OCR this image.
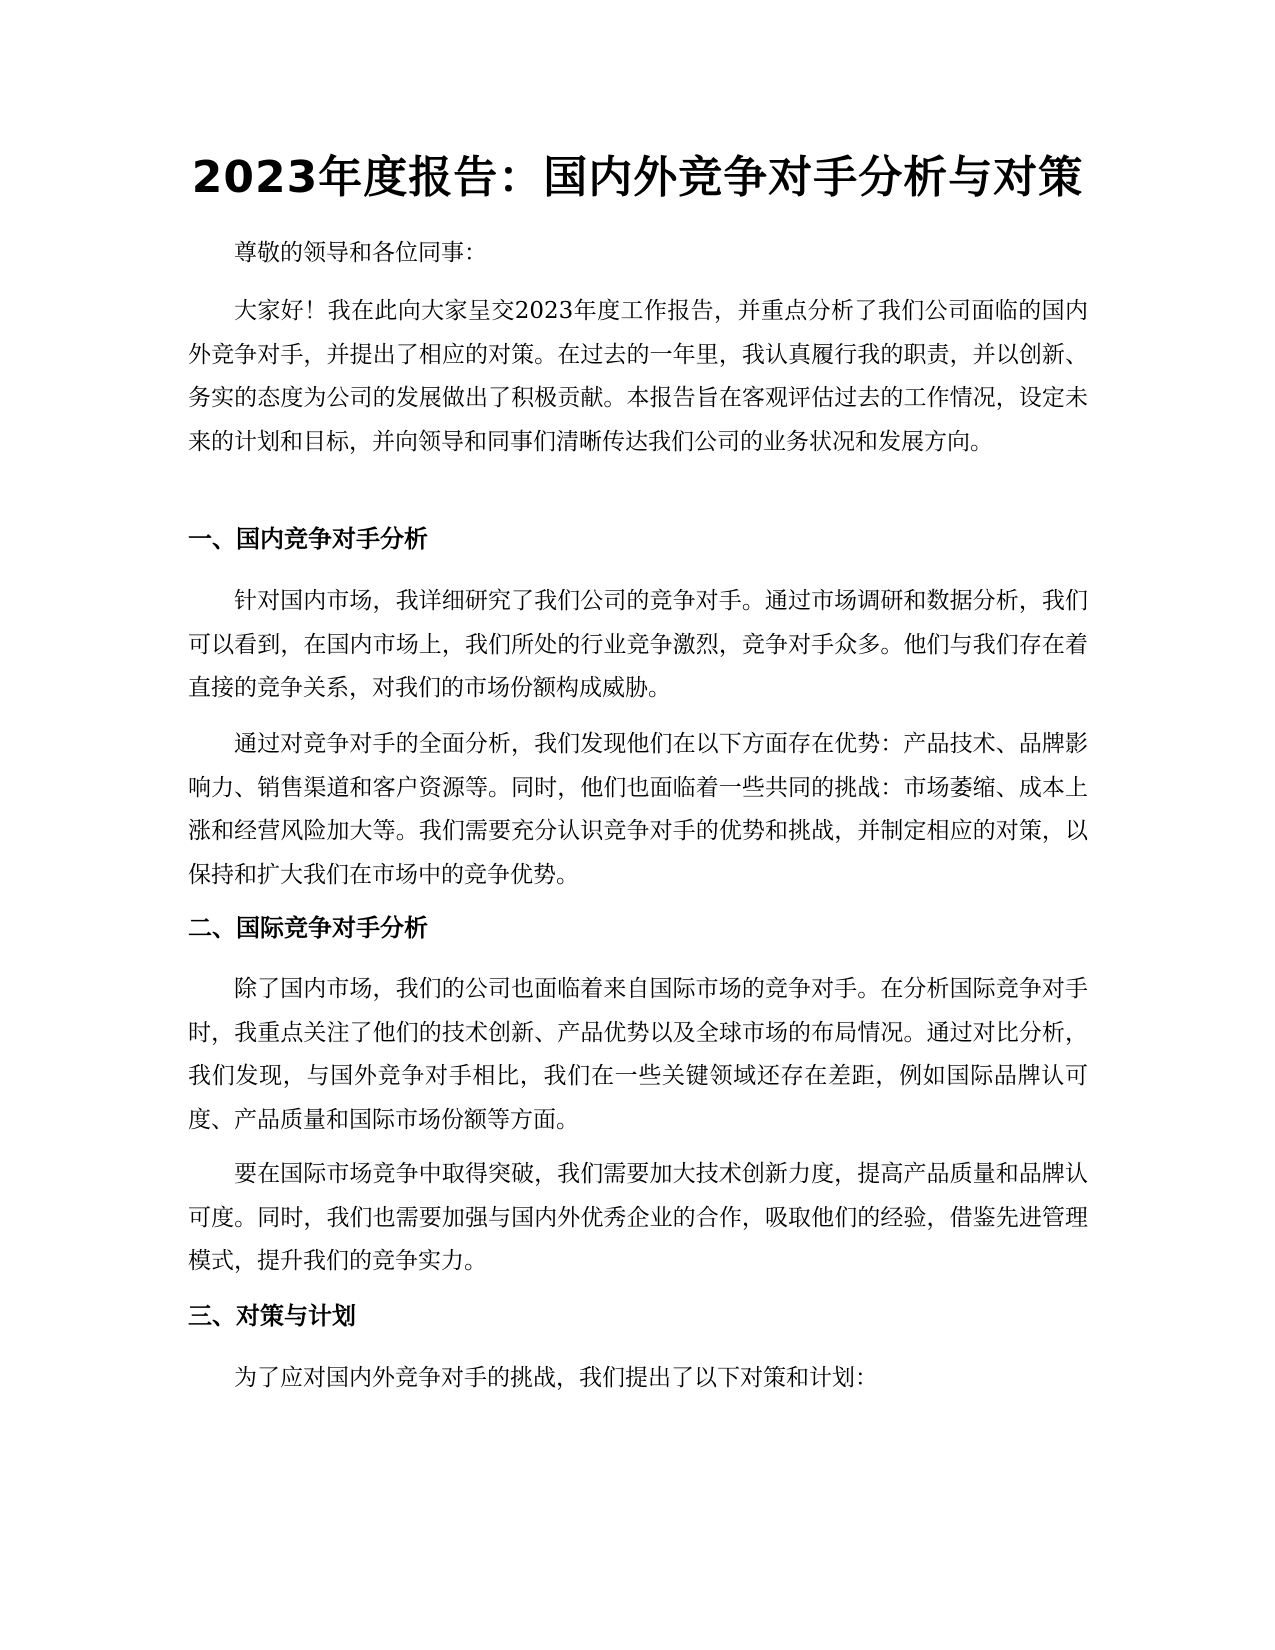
2023年度报告：国内外竞争对手分析与对策

尊敬的领导和各位同事：

大家好！我在此向大家呈交2023年度工作报告，并重点分析了我们公司面临的国内外竞争对手，并提出了相应的对策。在过去的一年里，我认真履行我的职责，并以创新、务实的态度为公司的发展做出了积极贡献。本报告旨在客观评估过去的工作情况，设定未来的计划和目标，并向领导和同事们清晰传达我们公司的业务状况和发展方向。

一、国内竞争对手分析

针对国内市场，我详细研究了我们公司的竞争对手。通过市场调研和数据分析，我们可以看到，在国内市场上，我们所处的行业竞争激烈，竞争对手众多。他们与我们存在着直接的竞争关系，对我们的市场份额构成威胁。

通过对竞争对手的全面分析，我们发现他们在以下方面存在优势：产品技术、品牌影响力、销售渠道和客户资源等。同时，他们也面临着一些共同的挑战：市场萎缩、成本上涨和经营风险加大等。我们需要充分认识竞争对手的优势和挑战，并制定相应的对策，以保持和扩大我们在市场中的竞争优势。

二、国际竞争对手分析

除了国内市场，我们的公司也面临着来自国际市场的竞争对手。在分析国际竞争对手时，我重点关注了他们的技术创新、产品优势以及全球市场的布局情况。通过对比分析，我们发现，与国外竞争对手相比，我们在一些关键领域还存在差距，例如国际品牌认可度、产品质量和国际市场份额等方面。

要在国际市场竞争中取得突破，我们需要加大技术创新力度，提高产品质量和品牌认可度。同时，我们也需要加强与国内外优秀企业的合作，吸取他们的经验，借鉴先进管理模式，提升我们的竞争实力。

三、对策与计划

为了应对国内外竞争对手的挑战，我们提出了以下对策和计划：
